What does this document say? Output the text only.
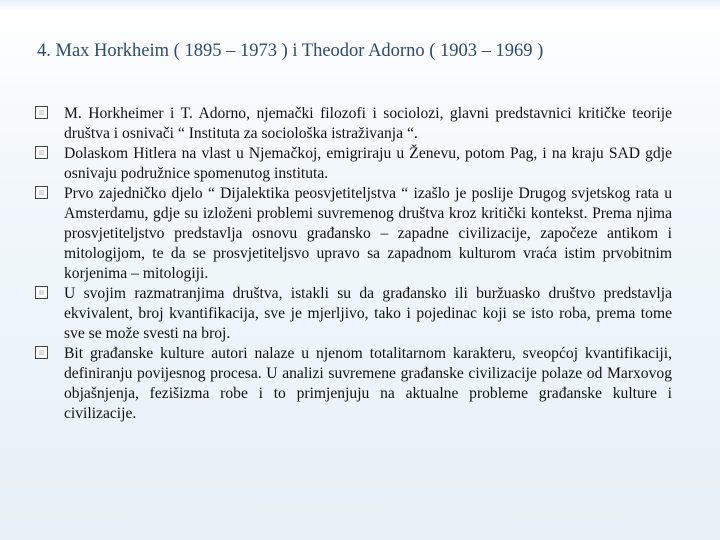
4. Max Horkheim ( 1895 – 1973 ) i Theodor Adorno ( 1903 – 1969 )

M. Horkheimer i T. Adorno, njemački filozofi i sociolozi, glavni predstavnici kritičke teorije društva i osnivači “ Instituta za sociološka istraživanja “.

Dolaskom Hitlera na vlast u Njemačkoj, emigriraju u Ženevu, potom Pag, i na kraju SAD gdje osnivaju podružnice spomenutog instituta.

Prvo zajedničko djelo “ Dijalektika peosvjetiteljstva “ izašlo je poslije Drugog svjetskog rata u Amsterdamu, gdje su izloženi problemi suvremenog društva kroz kritički kontekst. Prema njima prosvjetiteljstvo predstavlja osnovu građansko – zapadne civilizacije, započeze antikom i mitologijom, te da se prosvjetiteljsvo upravo sa zapadnom kulturom vraća istim prvobitnim korjenima – mitologiji.

U svojim razmatranjima društva, istakli su da građansko ili buržuasko društvo predstavlja ekvivalent, broj kvantifikacija, sve je mjerljivo, tako i pojedinac koji se isto roba, prema tome sve se može svesti na broj.

Bit građanske kulture autori nalaze u njenom totalitarnom karakteru, sveopćoj kvantifikaciji, definiranju povijesnog procesa. U analizi suvremene građanske civilizacije polaze od Marxovog objašnjenja, fezišizma robe i to primjenjuju na aktualne probleme građanske kulture i civilizacije.
